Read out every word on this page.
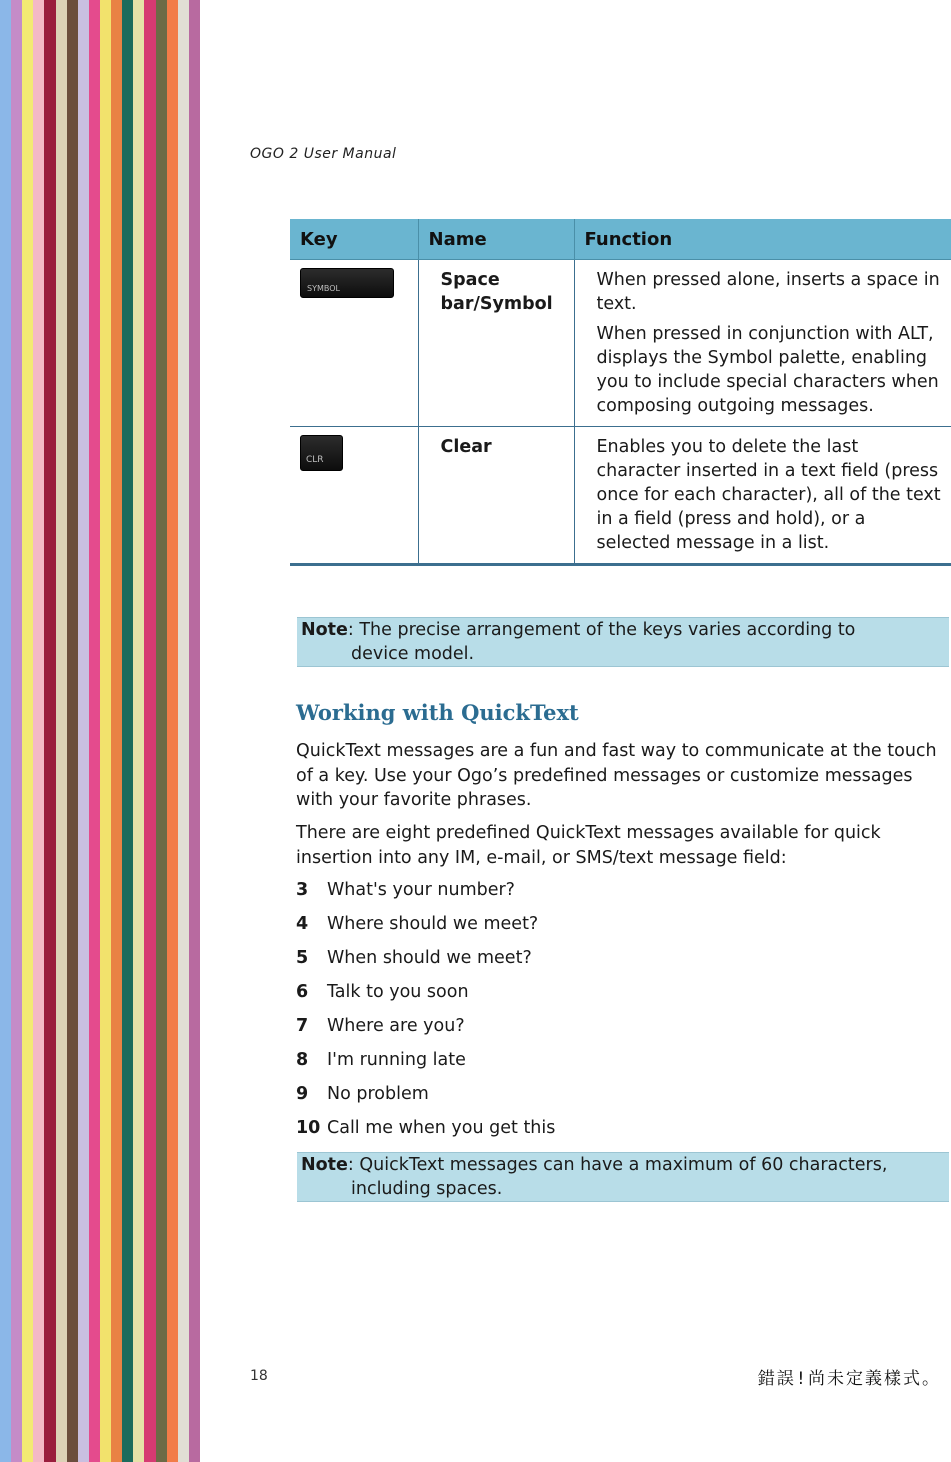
OGO 2 User Manual
Key	Name	Function
SYMBOL	Space bar/Symbol	When pressed alone, inserts a space in text.

When pressed in conjunction with ALT, displays the Symbol palette, enabling you to include special characters when composing outgoing messages.

CLR	Clear	Enables you to delete the last character inserted in a text field (press once for each character), all of the text in a field (press and hold), or a selected message in a list.

Note: The precise arrangement of the keys varies according to
device model.
Working with QuickText

QuickText messages are a fun and fast way to communicate at the touch of a key. Use your Ogo’s predefined messages or customize messages with your favorite phrases.

There are eight predefined QuickText messages available for quick insertion into any IM, e-mail, or SMS/text message field:

3	What's your number?
4	Where should we meet?
5	When should we meet?
6	Talk to you soon
7	Where are you?
8	I'm running late
9	No problem
10 Call me when you get this
Note: QuickText messages can have a maximum of 60 characters,
including spaces.
18	錯誤!尚未定義樣式。
